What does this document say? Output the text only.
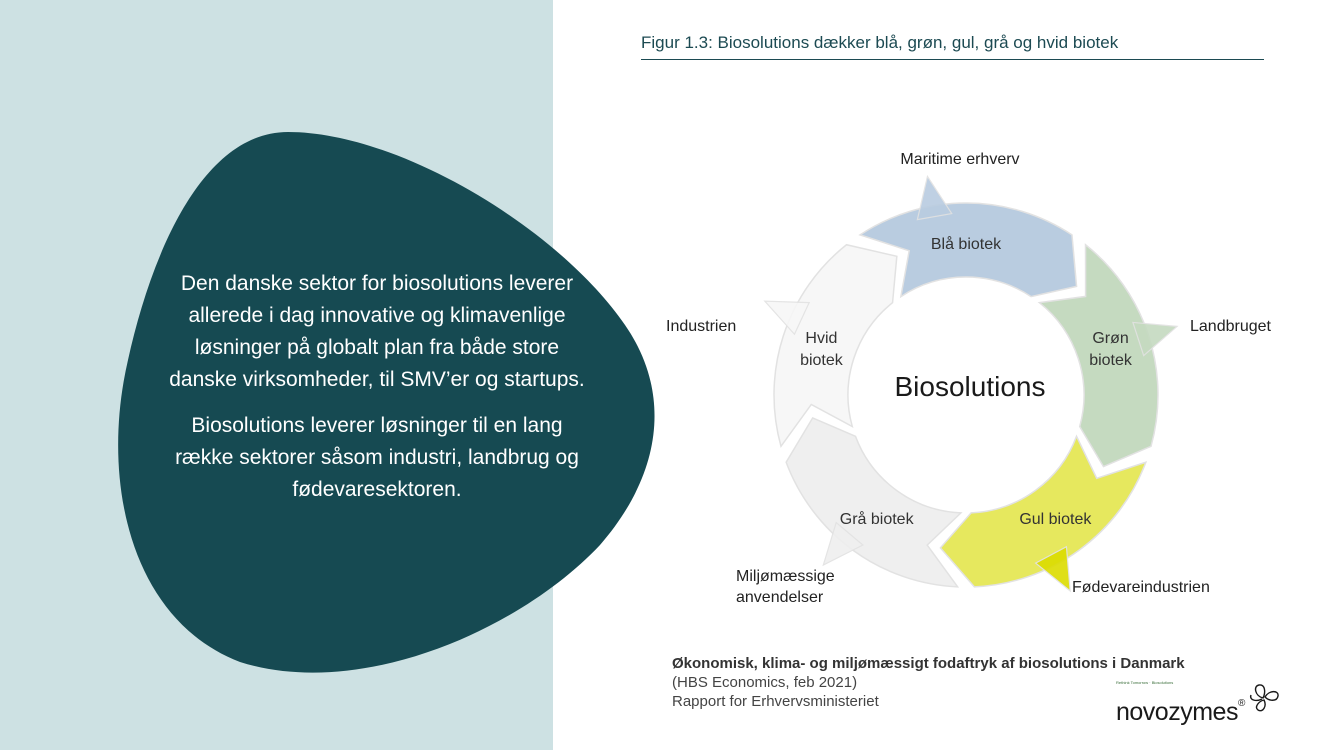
Den danske sektor for biosolutions leverer allerede i dag innovative og klimavenlige løsninger på globalt plan fra både store danske virksomheder, til SMV’er og startups.

Biosolutions leverer løsninger til en lang række sektorer såsom industri, landbrug og fødevaresektoren.

Figur 1.3: Biosolutions dækker blå, grøn, gul, grå og hvid biotek
Blå biotek
Maritime erhverv
Grøn
biotek
Landbruget
Gul biotek
Fødevareindustrien
Grå biotek
Miljømæssige
anvendelser
Hvid
biotek
Industrien
Biosolutions
Økonomisk, klima- og miljømæssigt fodaftryk af biosolutions i Danmark
(HBS Economics, feb 2021)
Rapport for Erhvervsministeriet
Rethink Tomorrow · Biosolutions
novozymes®
